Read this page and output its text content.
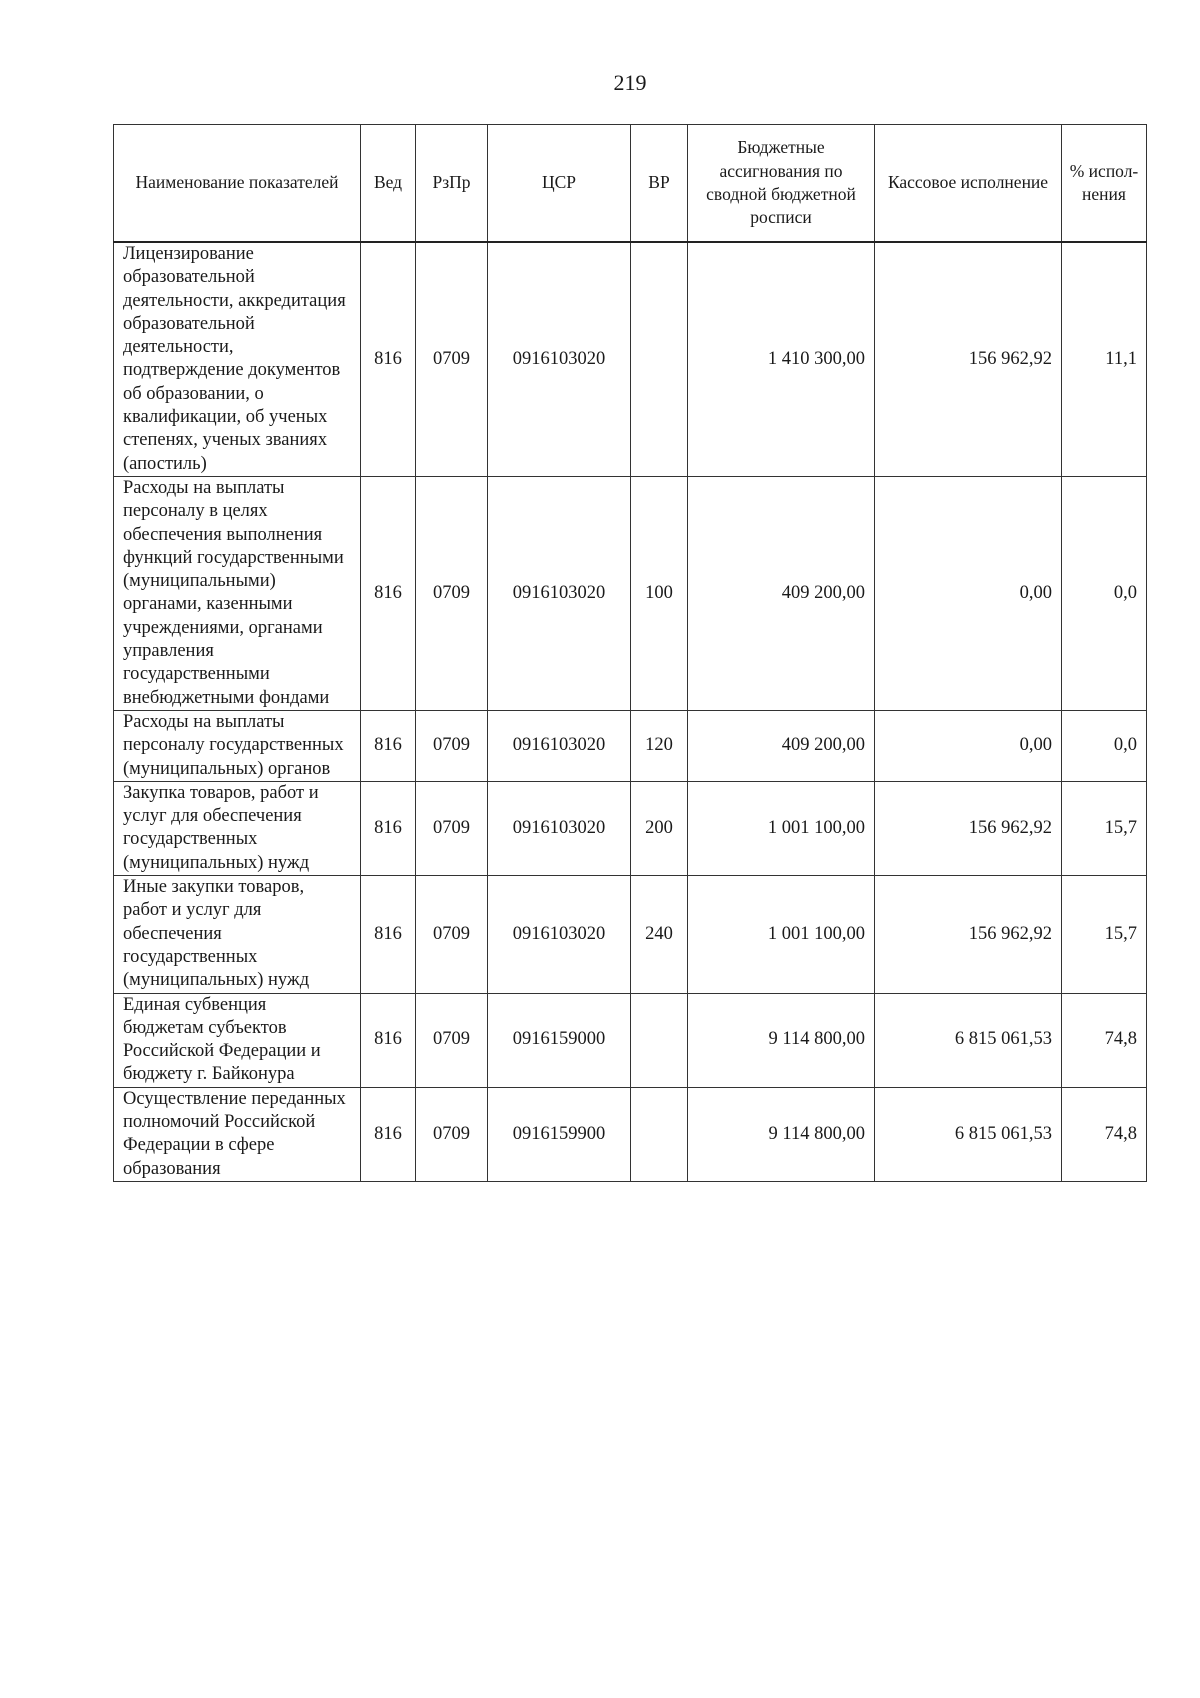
219
Наименование показателей	Вед	РзПр	ЦСР	ВР	Бюджетные ассигнования по сводной бюджетной росписи	Кассовое исполнение	% испол-нения
Лицензирование образовательной деятельности, аккредитация образовательной деятельности, подтверждение документов об образовании, о квалификации, об ученых степенях, ученых званиях (апостиль)	816	0709	0916103020		1 410 300,00	156 962,92	11,1
Расходы на выплаты персоналу в целях обеспечения выполнения функций государственными (муниципальными) органами, казенными учреждениями, органами управления государственными внебюджетными фондами	816	0709	0916103020	100	409 200,00	0,00	0,0
Расходы на выплаты персоналу государственных (муниципальных) органов	816	0709	0916103020	120	409 200,00	0,00	0,0
Закупка товаров, работ и услуг для обеспечения государственных (муниципальных) нужд	816	0709	0916103020	200	1 001 100,00	156 962,92	15,7
Иные закупки товаров, работ и услуг для обеспечения государственных (муниципальных) нужд	816	0709	0916103020	240	1 001 100,00	156 962,92	15,7
Единая субвенция бюджетам субъектов Российской Федерации и бюджету г. Байконура	816	0709	0916159000		9 114 800,00	6 815 061,53	74,8
Осуществление переданных полномочий Российской Федерации в сфере образования	816	0709	0916159900		9 114 800,00	6 815 061,53	74,8
